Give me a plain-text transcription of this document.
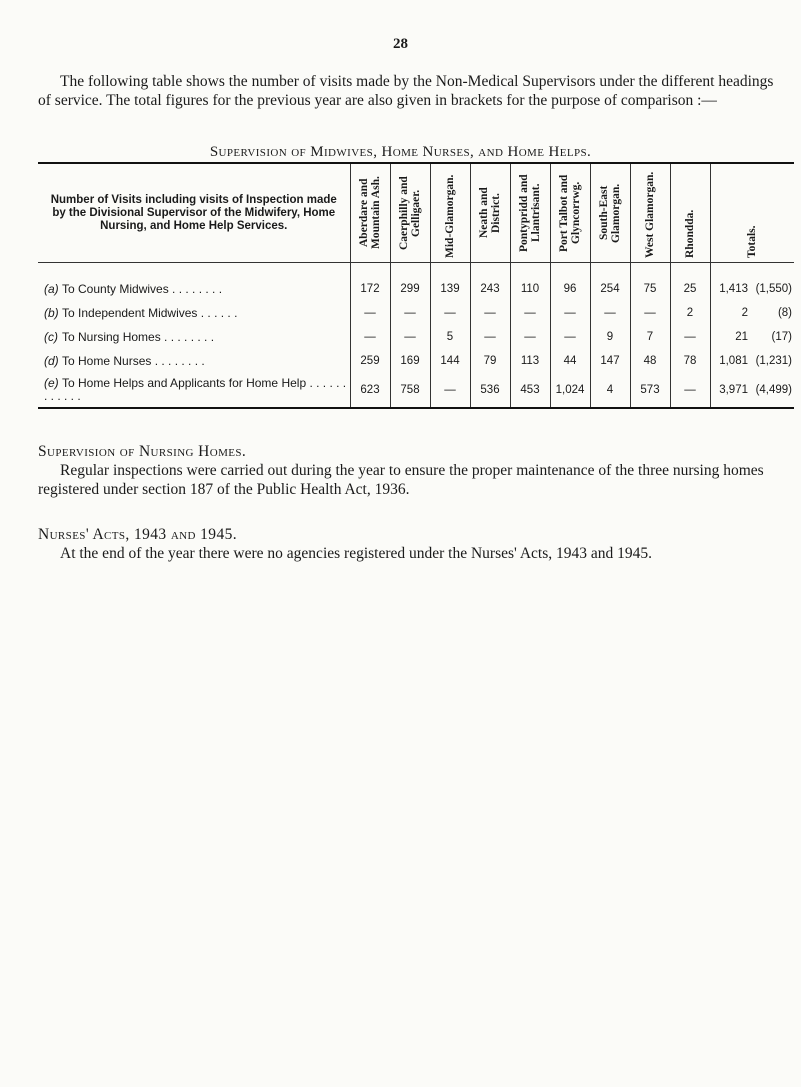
28

The following table shows the number of visits made by the Non-Medical Supervisors under the different headings of service. The total figures for the previous year are also given in brackets for the purpose of comparison :—

Supervision of Midwives, Home Nurses, and Home Helps.
Number of Visits including visits of Inspection made by the Divisional Supervisor of the Midwifery, Home Nursing, and Home Help Services.	Aberdare and Mountain Ash.	Caerphilly and Gelligaer.	Mid-Glamorgan.	Neath and District.	Pontypridd and Llantrisant.	Port Talbot and Glyncorrwg.	South-East Glamorgan.	West Glamorgan.	Rhondda.	Totals.

(a) To County Midwives . . . . . . . .	172	299	139	243	110	96	254	75	25	1,413 (1,550)
(b) To Independent Midwives . . . . . .	—	—	—	—	—	—	—	—	2	2 (8)
(c) To Nursing Homes . . . . . . . .	—	—	5	—	—	—	9	7	—	21 (17)
(d) To Home Nurses . . . . . . . .	259	169	144	79	113	44	147	48	78	1,081 (1,231)
(e) To Home Helps and Applicants for Home Help . . . . . . . . . . . .	623	758	—	536	453	1,024	4	573	—	3,971 (4,499)
Supervision of Nursing Homes.
Regular inspections were carried out during the year to ensure the proper maintenance of the three nursing homes registered under section 187 of the Public Health Act, 1936.
Nurses' Acts, 1943 and 1945.
At the end of the year there were no agencies registered under the Nurses' Acts, 1943 and 1945.
